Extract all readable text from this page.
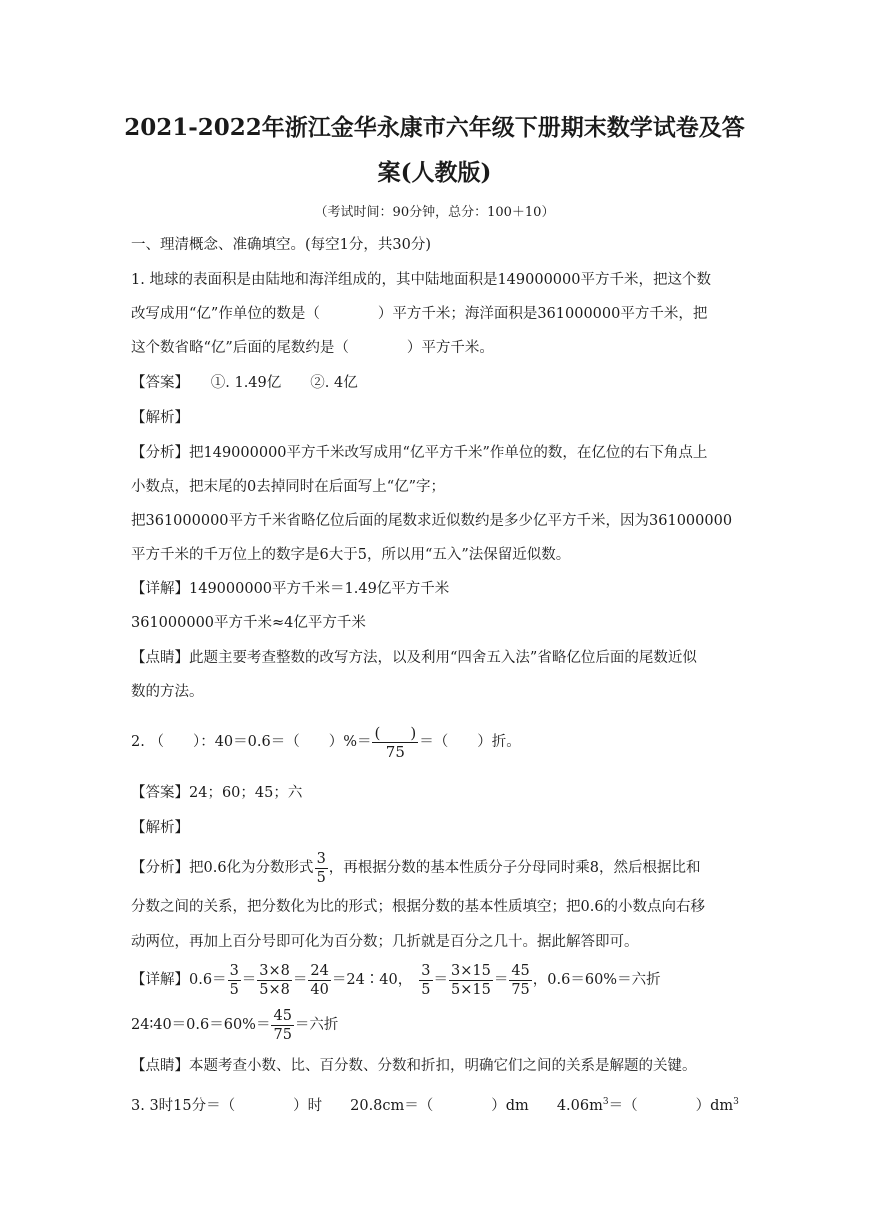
2021-2022年浙江金华永康市六年级下册期末数学试卷及答
案(人教版)
（考试时间：90分钟，总分：100＋10）
一、理清概念、准确填空。(每空1分，共30分)
1. 地球的表面积是由陆地和海洋组成的，其中陆地面积是149000000平方千米，把这个数
改写成用“亿”作单位的数是（　　　　）平方千米；海洋面积是361000000平方千米，把
这个数省略“亿”后面的尾数约是（　　　　）平方千米。
【答案】　　①. 1.49亿　　②. 4亿
【解析】
【分析】把149000000平方千米改写成用“亿平方千米”作单位的数，在亿位的右下角点上
小数点，把末尾的0去掉同时在后面写上“亿”字；
把361000000平方千米省略亿位后面的尾数求近似数约是多少亿平方千米，因为361000000
平方千米的千万位上的数字是6大于5，所以用“五入”法保留近似数。
【详解】149000000平方千米＝1.49亿平方千米
361000000平方千米≈4亿平方千米
【点睛】此题主要考查整数的改写方法，以及利用“四舍五入法”省略亿位后面的尾数近似
数的方法。
2. （　　）：40＝0.6＝（　　）%＝ $\frac{( )}{75}$ ＝（　　）折。
【答案】24；60；45；六
【解析】
【分析】把0.6化为分数形式 $\frac{3}{5}$ ，再根据分数的基本性质分子分母同时乘8，然后根据比和
分数之间的关系，把分数化为比的形式；根据分数的基本性质填空；把0.6的小数点向右移
动两位，再加上百分号即可化为百分数；几折就是百分之几十。据此解答即可。
【详解】$0.6= \frac{3}{5} = \frac{3\times 8}{5\times 8} = \frac{24}{40}$ ＝24∶40， $\frac{3}{5} = \frac{3\times 15}{5\times 15} = \frac{45}{75}$ ，0.6＝60%＝六折
24∶40＝0.6＝60%＝ $\frac{45}{75}$ ＝六折
【点睛】本题考查小数、比、百分数、分数和折扣，明确它们之间的关系是解题的关键。
3. 3时15分＝（　　　　）时 20.8cm＝（　　　　）dm $4.06m^3=$（　　　　）$dm^3$
